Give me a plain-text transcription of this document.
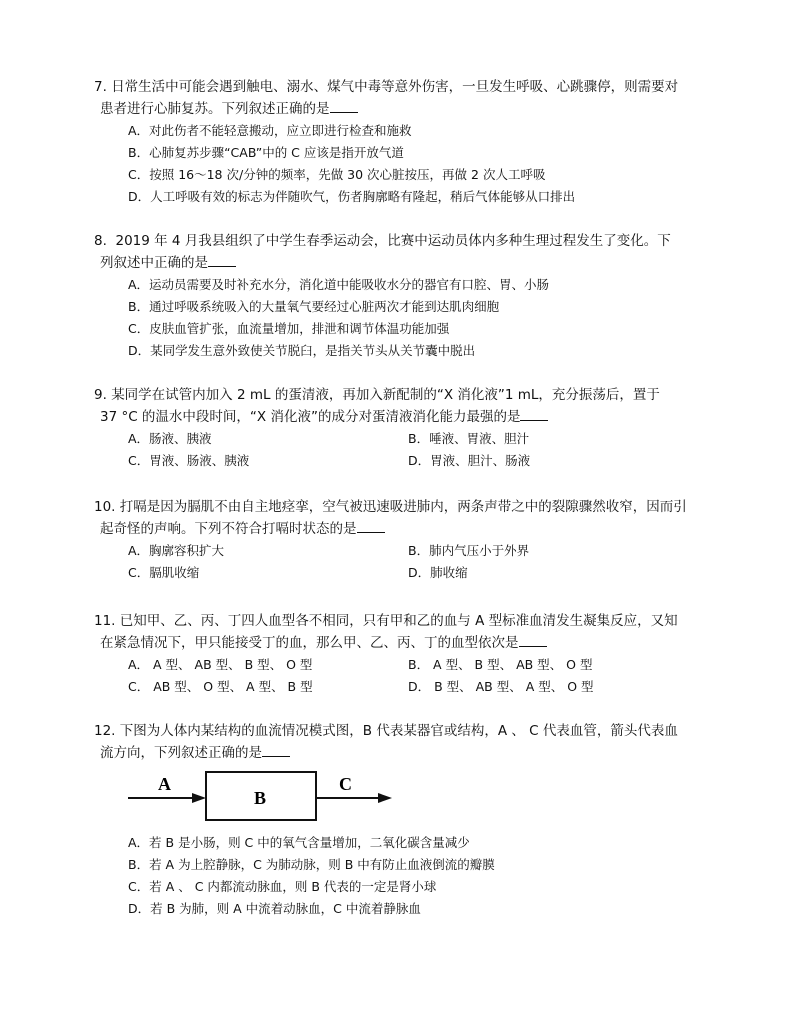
7. 日常生活中可能会遇到触电、溺水、煤气中毒等意外伤害，一旦发生呼吸、心跳骤停，则需要对
患者进行心肺复苏。下列叙述正确的是
A．对此伤者不能轻意搬动，应立即进行检查和施救
B．心肺复苏步骤“CAB”中的 C 应该是指开放气道
C．按照 16～18 次/分钟的频率，先做 30 次心脏按压，再做 2 次人工呼吸
D．人工呼吸有效的标志为伴随吹气，伤者胸廓略有隆起，稍后气体能够从口排出
8. 2019 年 4 月我县组织了中学生春季运动会，比赛中运动员体内多种生理过程发生了变化。下
列叙述中正确的是
A．运动员需要及时补充水分，消化道中能吸收水分的器官有口腔、胃、小肠
B．通过呼吸系统吸入的大量氧气要经过心脏两次才能到达肌肉细胞
C．皮肤血管扩张，血流量增加，排泄和调节体温功能加强
D．某同学发生意外致使关节脱臼，是指关节头从关节囊中脱出
9. 某同学在试管内加入 2 mL 的蛋清液，再加入新配制的“X 消化液”1 mL，充分振荡后，置于
37 °C 的温水中段时间，“X 消化液”的成分对蛋清液消化能力最强的是
A．肠液、胰液	B．唾液、胃液、胆汁
C．胃液、肠液、胰液	D．胃液、胆汁、肠液
10. 打嗝是因为膈肌不由自主地痉挛，空气被迅速吸进肺内，两条声带之中的裂隙骤然收窄，因而引
起奇怪的声响。下列不符合打嗝时状态的是
A．胸廓容积扩大	B．肺内气压小于外界
C．膈肌收缩	D．肺收缩
11. 已知甲、乙、丙、丁四人血型各不相同，只有甲和乙的血与 A 型标准血清发生凝集反应，又知
在紧急情况下，甲只能接受丁的血，那么甲、乙、丙、丁的血型依次是
A． A 型、 AB 型、 B 型、 O 型	B． A 型、 B 型、 AB 型、 O 型
C． AB 型、 O 型、 A 型、 B 型	D． B 型、 AB 型、 A 型、 O 型
12. 下图为人体内某结构的血流情况模式图，B 代表某器官或结构，A 、 C 代表血管，箭头代表血
流方向，下列叙述正确的是
A
B
C
A．若 B 是小肠，则 C 中的氧气含量增加，二氧化碳含量减少
B．若 A 为上腔静脉，C 为肺动脉，则 B 中有防止血液倒流的瓣膜
C．若 A 、 C 内都流动脉血，则 B 代表的一定是肾小球
D．若 B 为肺，则 A 中流着动脉血，C 中流着静脉血
